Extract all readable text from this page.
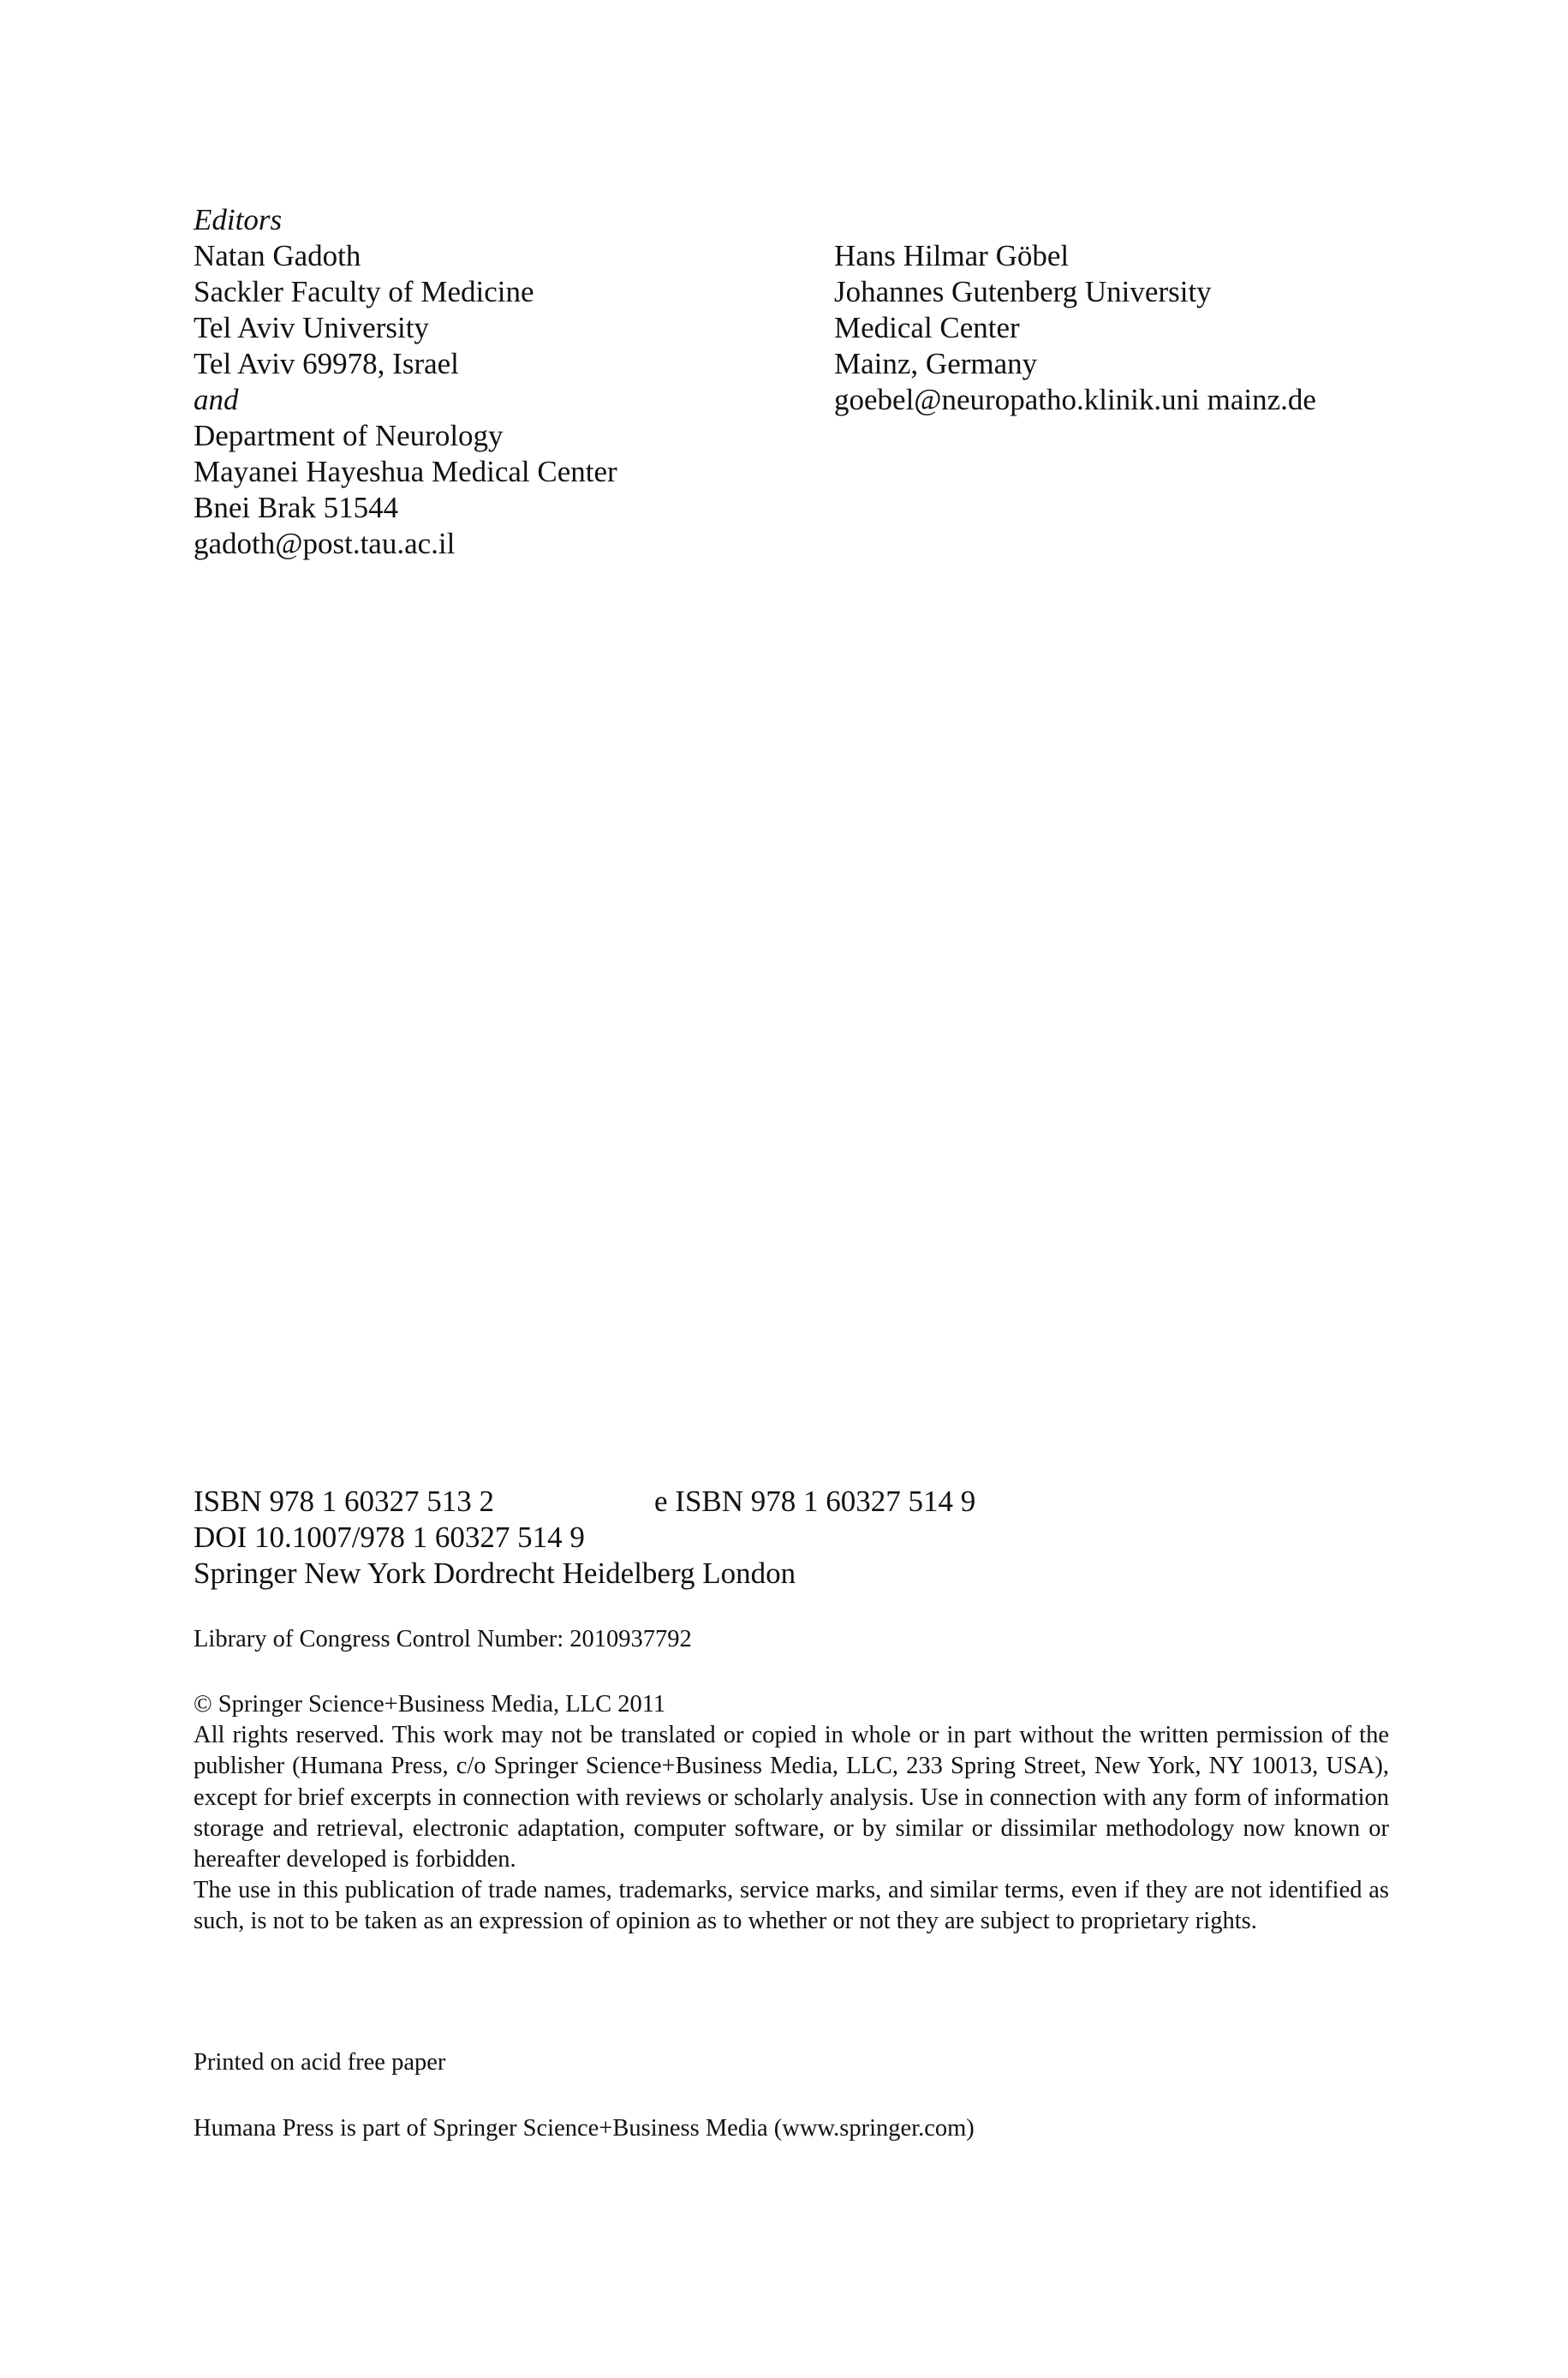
Editors
Natan Gadoth
Sackler Faculty of Medicine
Tel Aviv University
Tel Aviv 69978, Israel
and
Department of Neurology
Mayanei Hayeshua Medical Center
Bnei Brak 51544
gadoth@post.tau.ac.il
Hans Hilmar Göbel
Johannes Gutenberg University
Medical Center
Mainz, Germany
goebel@neuropatho.klinik.uni mainz.de
ISBN 978 1 60327 513 2	e ISBN 978 1 60327 514 9
DOI 10.1007/978 1 60327 514 9
Springer New York Dordrecht Heidelberg London
Library of Congress Control Number: 2010937792

© Springer Science+Business Media, LLC 2011

All rights reserved. This work may not be translated or copied in whole or in part without the written permission of the publisher (Humana Press, c/o Springer Science+Business Media, LLC, 233 Spring Street, New York, NY 10013, USA), except for brief excerpts in connection with reviews or scholarly analysis. Use in connection with any form of information storage and retrieval, electronic adaptation, computer software, or by similar or dissimilar methodology now known or hereafter developed is forbidden.

The use in this publication of trade names, trademarks, service marks, and similar terms, even if they are not identified as such, is not to be taken as an expression of opinion as to whether or not they are subject to proprietary rights.

Printed on acid free paper
Humana Press is part of Springer Science+Business Media (www.springer.com)
